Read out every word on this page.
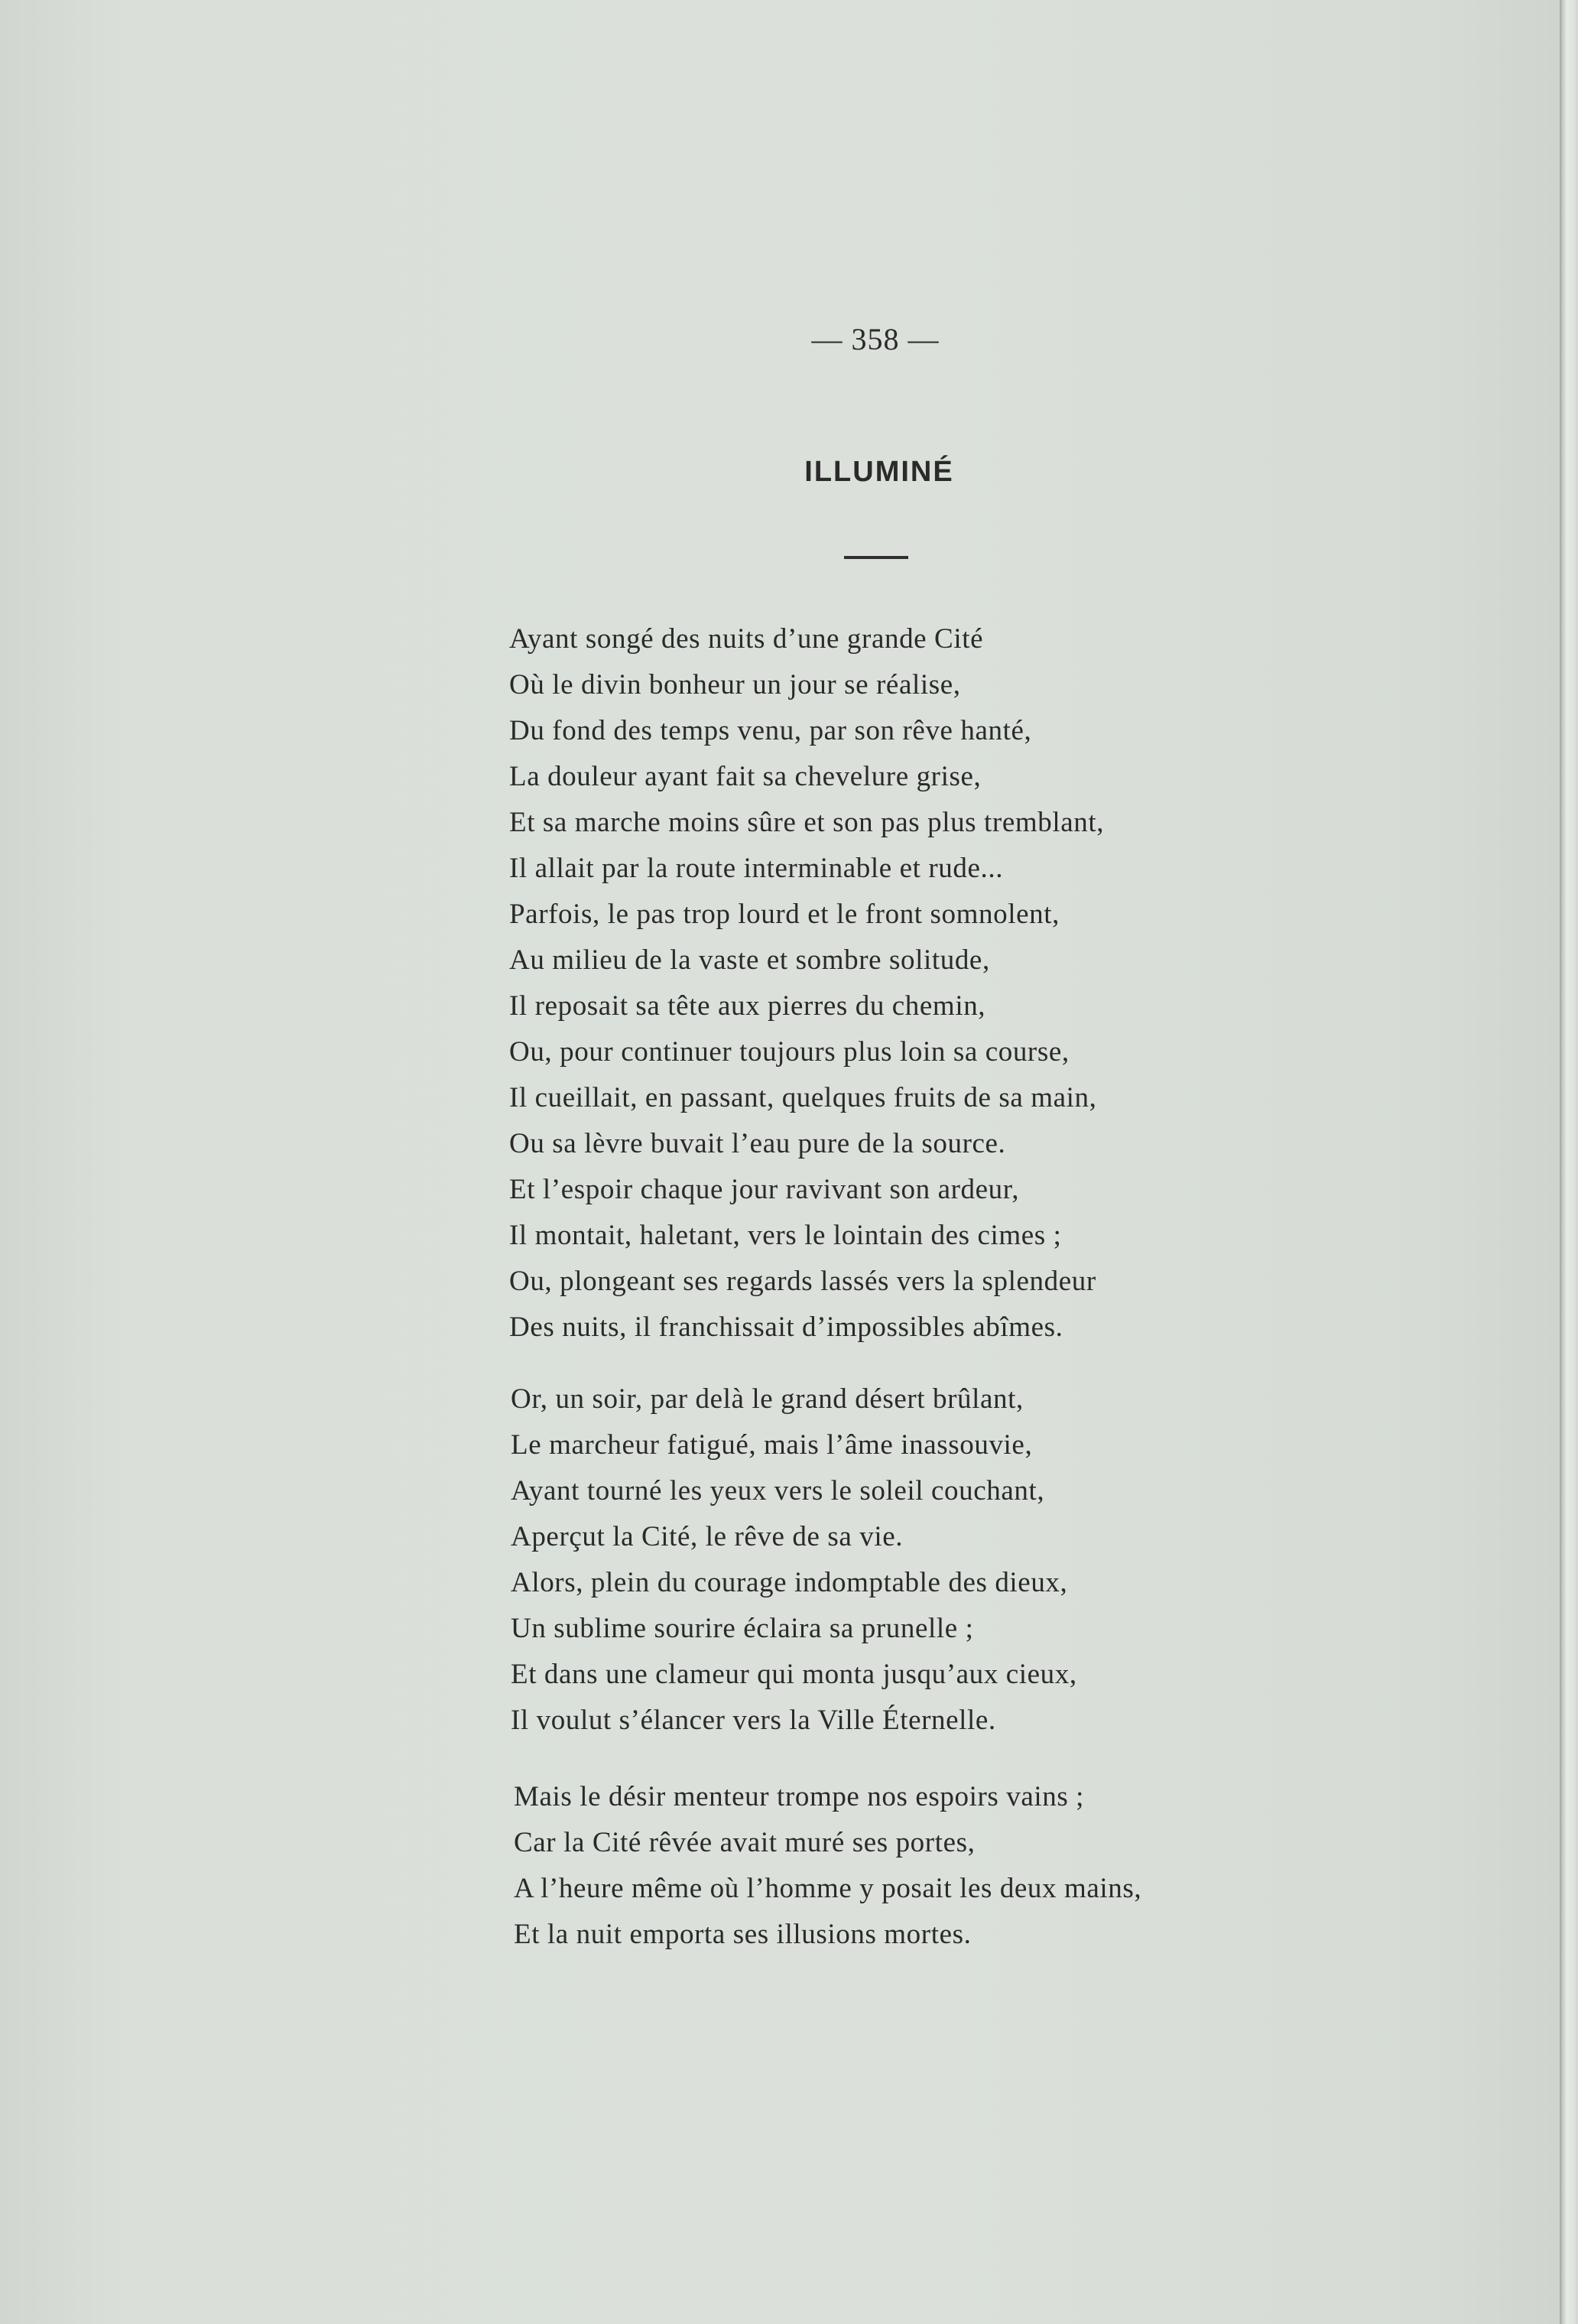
— 358 —
ILLUMINÉ
Ayant songé des nuits d’une grande Cité
Où le divin bonheur un jour se réalise,
Du fond des temps venu, par son rêve hanté,
La douleur ayant fait sa chevelure grise,
Et sa marche moins sûre et son pas plus tremblant,
Il allait par la route interminable et rude...
Parfois, le pas trop lourd et le front somnolent,
Au milieu de la vaste et sombre solitude,
Il reposait sa tête aux pierres du chemin,
Ou, pour continuer toujours plus loin sa course,
Il cueillait, en passant, quelques fruits de sa main,
Ou sa lèvre buvait l’eau pure de la source.
Et l’espoir chaque jour ravivant son ardeur,
Il montait, haletant, vers le lointain des cimes ;
Ou, plongeant ses regards lassés vers la splendeur
Des nuits, il franchissait d’impossibles abîmes.
Or, un soir, par delà le grand désert brûlant,
Le marcheur fatigué, mais l’âme inassouvie,
Ayant tourné les yeux vers le soleil couchant,
Aperçut la Cité, le rêve de sa vie.
Alors, plein du courage indomptable des dieux,
Un sublime sourire éclaira sa prunelle ;
Et dans une clameur qui monta jusqu’aux cieux,
Il voulut s’élancer vers la Ville Éternelle.
Mais le désir menteur trompe nos espoirs vains ;
Car la Cité rêvée avait muré ses portes,
A l’heure même où l’homme y posait les deux mains,
Et la nuit emporta ses illusions mortes.
